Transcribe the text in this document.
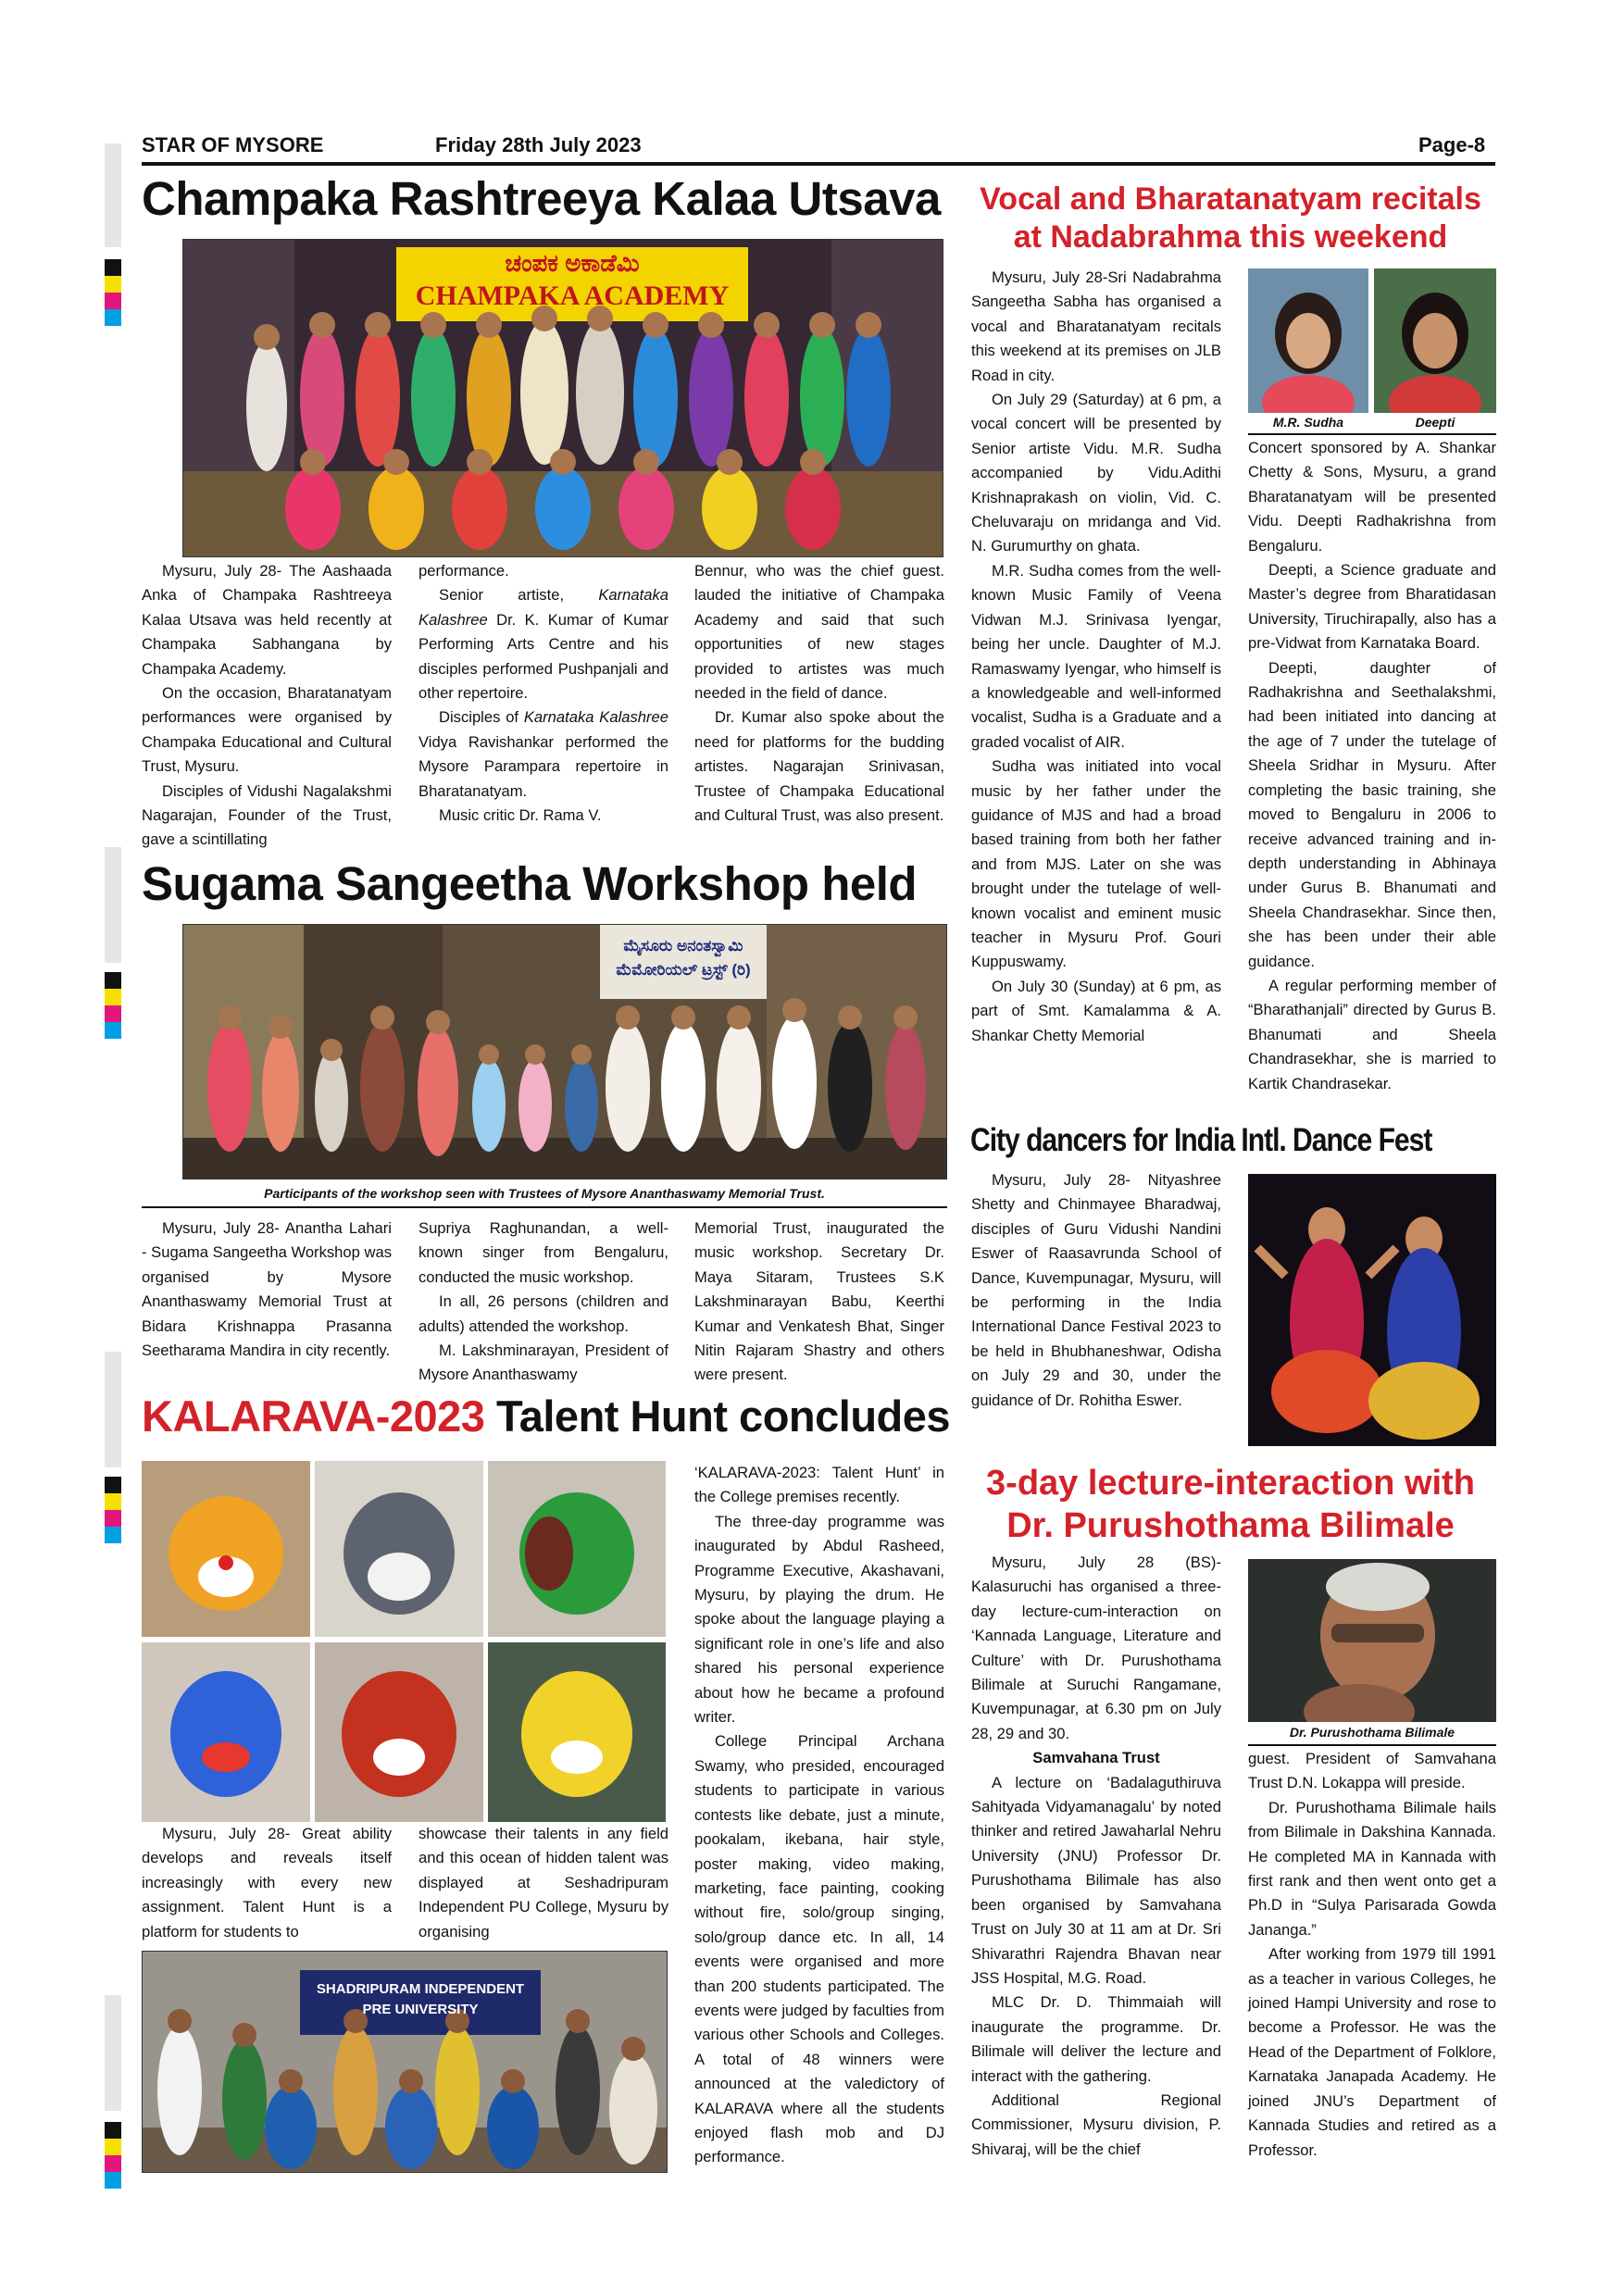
STAR OF MYSORE	Friday 28th July 2023	Page-8
Champaka Rashtreeya Kalaa Utsava
ಚಂಪಕ ಅಕಾಡೆಮಿ
CHAMPAKA ACADEMY

Mysuru, July 28- The Aashaada Anka of Champaka Rashtreeya Kalaa Utsava was held recently at Champaka Sabhangana by Champaka Academy.

On the occasion, Bharatanatyam performances were organised by Champaka Educational and Cultural Trust, Mysuru.

Disciples of Vidushi Nagalakshmi Nagarajan, Founder of the Trust, gave a scintillating

performance.

Senior artiste, Karnataka Kalashree Dr. K. Kumar of Kumar Performing Arts Centre and his disciples performed Pushpanjali and other repertoire.

Disciples of Karnataka Kalashree Vidya Ravishankar performed the Mysore Parampara repertoire in Bharatanatyam.

Music critic Dr. Rama V.

Bennur, who was the chief guest. lauded the initiative of Champaka Academy and said that such opportunities of new stages provided to artistes was much needed in the field of dance.

Dr. Kumar also spoke about the need for platforms for the budding artistes. Nagarajan Srinivasan, Trustee of Champaka Educational and Cultural Trust, was also present.

Sugama Sangeetha Workshop held
ಮೈಸೂರು ಅನಂತಸ್ವಾಮಿ ಮೆಮೋರಿಯಲ್ ಟ್ರಸ್ಟ್ (ರಿ)
Participants of the workshop seen with Trustees of Mysore Ananthaswamy Memorial Trust.

Mysuru, July 28- Anantha Lahari - Sugama Sangeetha Workshop was organised by Mysore Ananthaswamy Memorial Trust at Bidara Krishnappa Prasanna Seetharama Mandira in city recently.

Supriya Raghunandan, a well-known singer from Bengaluru, conducted the music workshop.

In all, 26 persons (children and adults) attended the workshop.

M. Lakshminarayan, President of Mysore Ananthaswamy

Memorial Trust, inaugurated the music workshop. Secretary Dr. Maya Sitaram, Trustees S.K Lakshminarayan Babu, Keerthi Kumar and Venkatesh Bhat, Singer Nitin Rajaram Shastry and others were present.

KALARAVA-2023 Talent Hunt concludes

Mysuru, July 28- Great ability develops and reveals itself increasingly with every new assignment. Talent Hunt is a platform for students to

showcase their talents in any field and this ocean of hidden talent was displayed at Seshadripuram Independent PU College, Mysuru by organising

SHADRIPURAM INDEPENDENT PRE UNIVERSITY

‘KALARAVA-2023: Talent Hunt’ in the College premises recently.

The three-day programme was inaugurated by Abdul Rasheed, Programme Executive, Akashavani, Mysuru, by playing the drum. He spoke about the language playing a significant role in one’s life and also shared his personal experience about how he became a profound writer.

College Principal Archana Swamy, who presided, encouraged students to participate in various contests like debate, just a minute, pookalam, ikebana, hair style, poster making, video making, marketing, face painting, cooking without fire, solo/group singing, solo/group dance etc. In all, 14 events were organised and more than 200 students participated. The events were judged by faculties from various other Schools and Colleges. A total of 48 winners were announced at the valedictory of KALARAVA where all the students enjoyed flash mob and DJ performance.

Vocal and Bharatanatyam recitals at Nadabrahma this weekend

Mysuru, July 28-Sri Nadabrahma Sangeetha Sabha has organised a vocal and Bharatanatyam recitals this weekend at its premises on JLB Road in city.

On July 29 (Saturday) at 6 pm, a vocal concert will be presented by Senior artiste Vidu. M.R. Sudha accompanied by Vidu.Adithi Krishnaprakash on violin, Vid. C. Cheluvaraju on mridanga and Vid. N. Gurumurthy on ghata.

M.R. Sudha comes from the well-known Music Family of Veena Vidwan M.J. Srinivasa Iyengar, being her uncle. Daughter of M.J. Ramaswamy Iyengar, who himself is a knowledgeable and well-informed vocalist, Sudha is a Graduate and a graded vocalist of AIR.

Sudha was initiated into vocal music by her father under the guidance of MJS and had a broad based training from both her father and from MJS. Later on she was brought under the tutelage of well-known vocalist and eminent music teacher in Mysuru Prof. Gouri Kuppuswamy.

On July 30 (Sunday) at 6 pm, as part of Smt. Kamalamma & A. Shankar Chetty Memorial

M.R. Sudha	Deepti

Concert sponsored by A. Shankar Chetty & Sons, Mysuru, a grand Bharatanatyam will be presented Vidu. Deepti Radhakrishna from Bengaluru.

Deepti, a Science graduate and Master’s degree from Bharatidasan University, Tiruchirapally, also has a pre-Vidwat from Karnataka Board.

Deepti, daughter of Radhakrishna and Seethalakshmi, had been initiated into dancing at the age of 7 under the tutelage of Sheela Sridhar in Mysuru. After completing the basic training, she moved to Bengaluru in 2006 to receive advanced training and in-depth understanding in Abhinaya under Gurus B. Bhanumati and Sheela Chandrasekhar. Since then, she has been under their able guidance.

A regular performing member of “Bharathanjali” directed by Gurus B. Bhanumati and Sheela Chandrasekhar, she is married to Kartik Chandrasekar.

City dancers for India Intl. Dance Fest

Mysuru, July 28- Nityashree Shetty and Chinmayee Bharadwaj, disciples of Guru Vidushi Nandini Eswer of Raasavrunda School of Dance, Kuvempunagar, Mysuru, will be performing in the India International Dance Festival 2023 to be held in Bhubhaneshwar, Odisha on July 29 and 30, under the guidance of Dr. Rohitha Eswer.

3-day lecture-interaction with Dr. Purushothama Bilimale

Mysuru, July 28 (BS)- Kalasuruchi has organised a three-day lecture-cum-interaction on ‘Kannada Language, Literature and Culture’ with Dr. Purushothama Bilimale at Suruchi Rangamane, Kuvempunagar, at 6.30 pm on July 28, 29 and 30.

Samvahana Trust

A lecture on ‘Badalaguthiruva Sahityada Vidyamanagalu’ by noted thinker and retired Jawaharlal Nehru University (JNU) Professor Dr. Purushothama Bilimale has also been organised by Samvahana Trust on July 30 at 11 am at Dr. Sri Shivarathri Rajendra Bhavan near JSS Hospital, M.G. Road.

MLC Dr. D. Thimmaiah will inaugurate the programme. Dr. Bilimale will deliver the lecture and interact with the gathering.

Additional Regional Commissioner, Mysuru division, P. Shivaraj, will be the chief

Dr. Purushothama Bilimale

guest. President of Samvahana Trust D.N. Lokappa will preside.

Dr. Purushothama Bilimale hails from Bilimale in Dakshina Kannada. He completed MA in Kannada with first rank and then went onto get a Ph.D in “Sulya Parisarada Gowda Jananga.”

After working from 1979 till 1991 as a teacher in various Colleges, he joined Hampi University and rose to become a Professor. He was the Head of the Department of Folklore, Karnataka Janapada Academy. He joined JNU’s Department of Kannada Studies and retired as a Professor.
